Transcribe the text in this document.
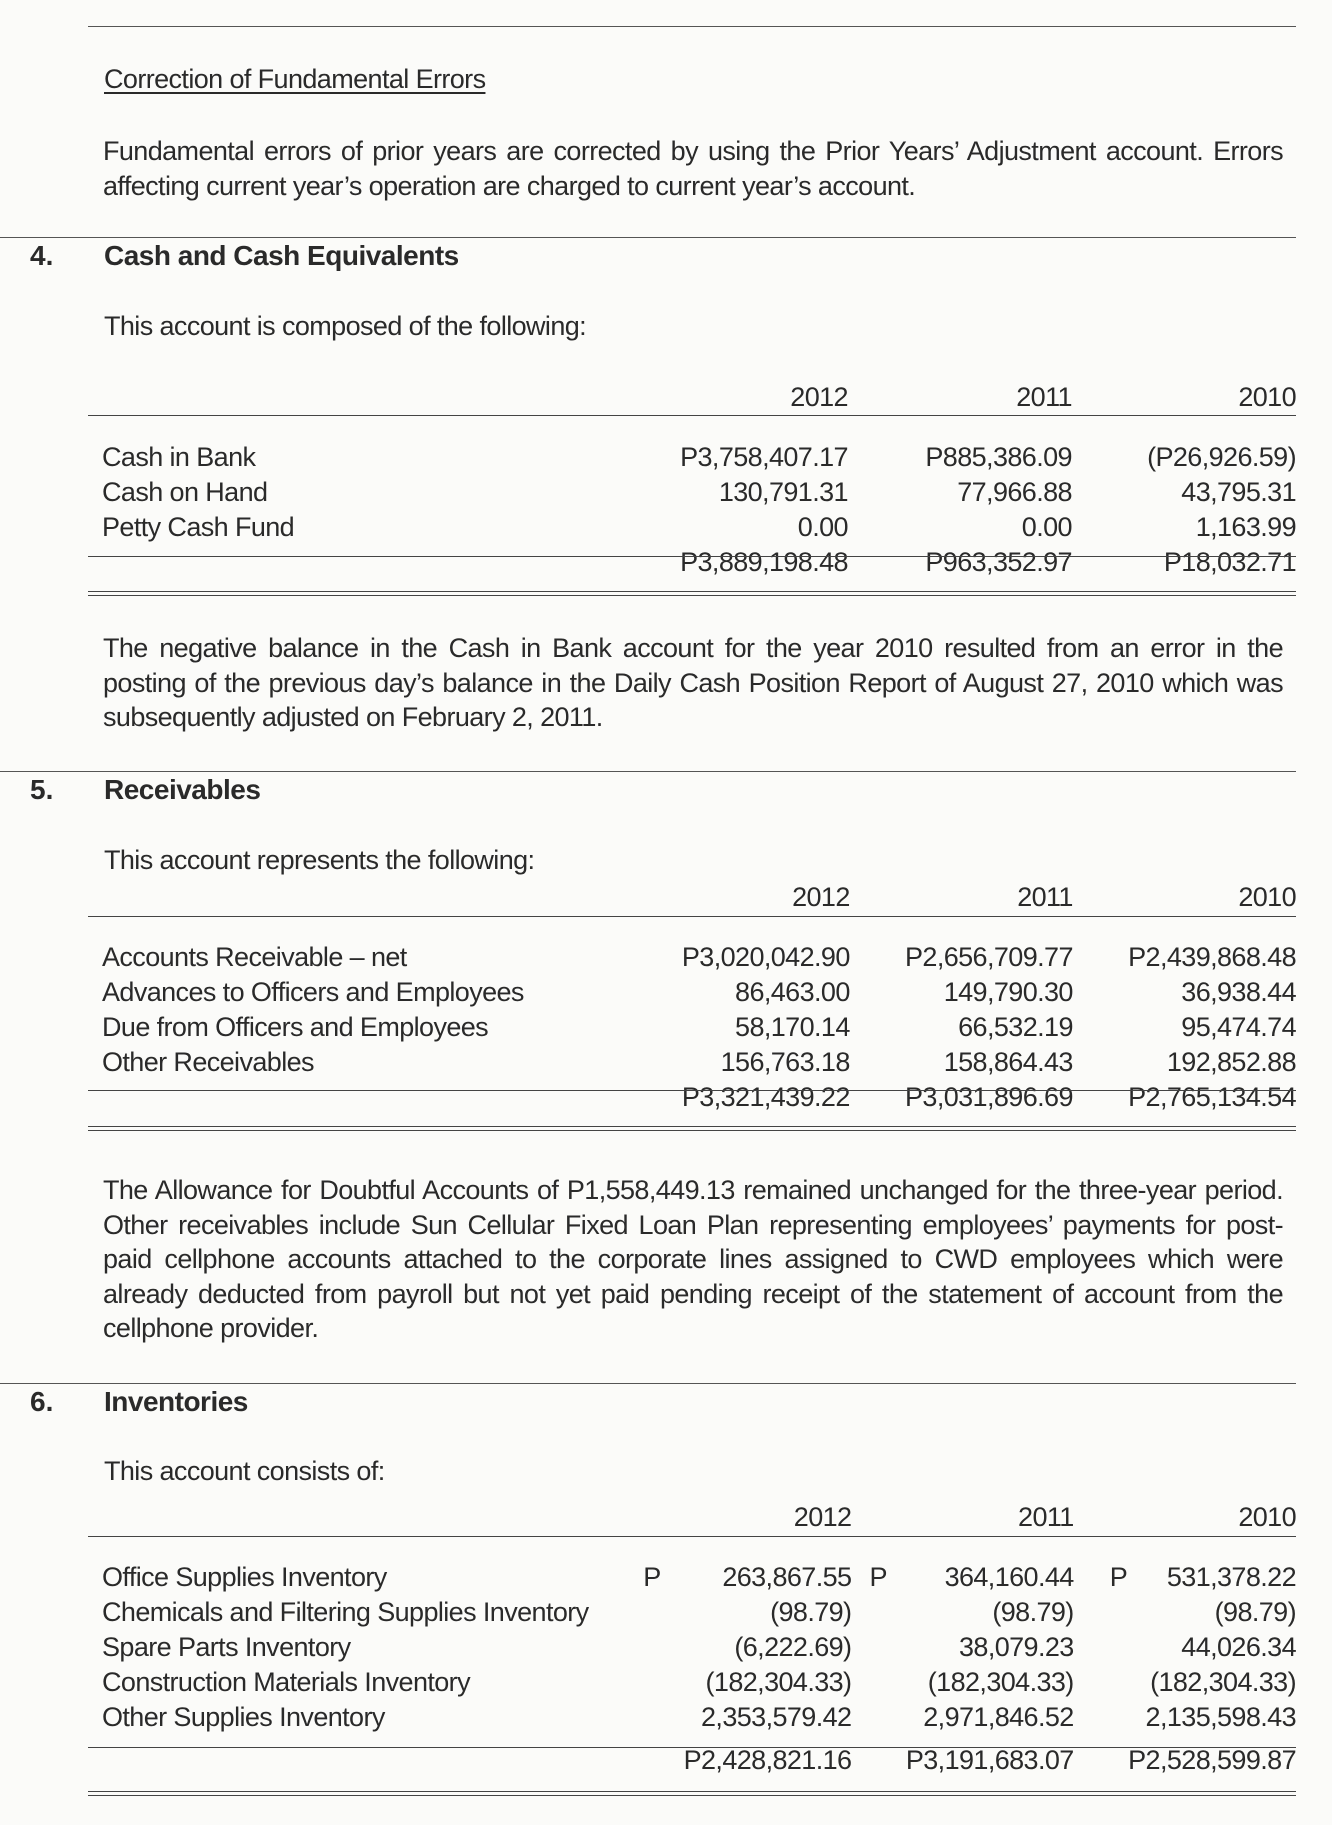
Correction of Fundamental Errors
Fundamental errors of prior years are corrected by using the Prior Years’ Adjustment account. Errors affecting current year’s operation are charged to current year’s account.
4. Cash and Cash Equivalents
This account is composed of the following:
	2012	2011	2010

Cash in Bank	P3,758,407.17	P885,386.09	(P26,926.59)
Cash on Hand	130,791.31	77,966.88	43,795.31
Petty Cash Fund	0.00	0.00	1,163.99
	P3,889,198.48	P963,352.97	P18,032.71
The negative balance in the Cash in Bank account for the year 2010 resulted from an error in the posting of the previous day’s balance in the Daily Cash Position Report of August 27, 2010 which was subsequently adjusted on February 2, 2011.
5. Receivables
This account represents the following:
	2012	2011	2010

Accounts Receivable – net	P3,020,042.90	P2,656,709.77	P2,439,868.48
Advances to Officers and Employees	86,463.00	149,790.30	36,938.44
Due from Officers and Employees	58,170.14	66,532.19	95,474.74
Other Receivables	156,763.18	158,864.43	192,852.88
	P3,321,439.22	P3,031,896.69	P2,765,134.54
The Allowance for Doubtful Accounts of P1,558,449.13 remained unchanged for the three-year period. Other receivables include Sun Cellular Fixed Loan Plan representing employees’ payments for post-paid cellphone accounts attached to the corporate lines assigned to CWD employees which were already deducted from payroll but not yet paid pending receipt of the statement of account from the cellphone provider.
6. Inventories
This account consists of:
	2012	2011	2010

Office Supplies Inventory	P 263,867.55	P 364,160.44	P 531,378.22
Chemicals and Filtering Supplies Inventory	(98.79)	(98.79)	(98.79)
Spare Parts Inventory	(6,222.69)	38,079.23	44,026.34
Construction Materials Inventory	(182,304.33)	(182,304.33)	(182,304.33)
Other Supplies Inventory	2,353,579.42	2,971,846.52	2,135,598.43

	P2,428,821.16	P3,191,683.07	P2,528,599.87
